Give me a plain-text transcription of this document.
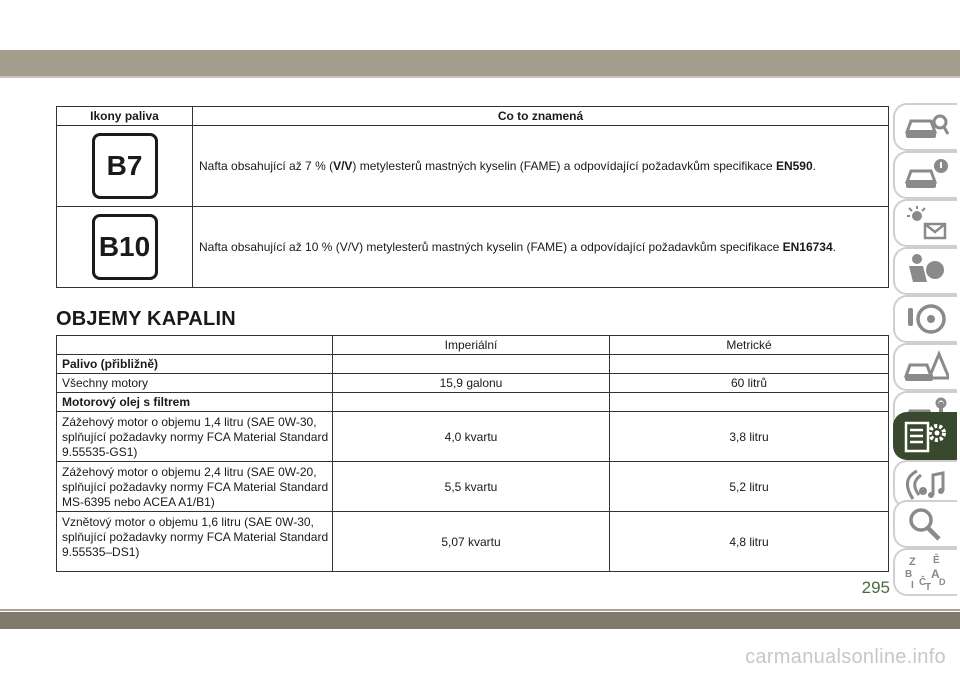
Ikony paliva	Co to znamená
B7	Nafta obsahující až 7 % (V/V) metylesterů mastných kyselin (FAME) a odpovídající požadavkům specifikace EN590.
B10	Nafta obsahující až 10 % (V/V) metylesterů mastných kyselin (FAME) a odpovídající požadavkům specifikace EN16734.
OBJEMY KAPALIN
	Imperiální	Metrické
Palivo (přibližně)		
Všechny motory	15,9 galonu	60 litrů
Motorový olej s filtrem		
Zážehový motor o objemu 1,4 litru (SAE 0W-30, splňující požadavky normy FCA Material Standard 9.55535-GS1)	4,0 kvartu	3,8 litru
Zážehový motor o objemu 2,4 litru (SAE 0W-20, splňující požadavky normy FCA Material Standard MS-6395 nebo ACEA A1/B1)	5,5 kvartu	5,2 litru
Vznětový motor o objemu 1,6 litru (SAE 0W-30, splňující požadavky normy FCA Material Standard 9.55535–DS1)	5,07 kvartu	4,8 litru
Z Ě
B A
I Č D
T
295
carmanualsonline.info
